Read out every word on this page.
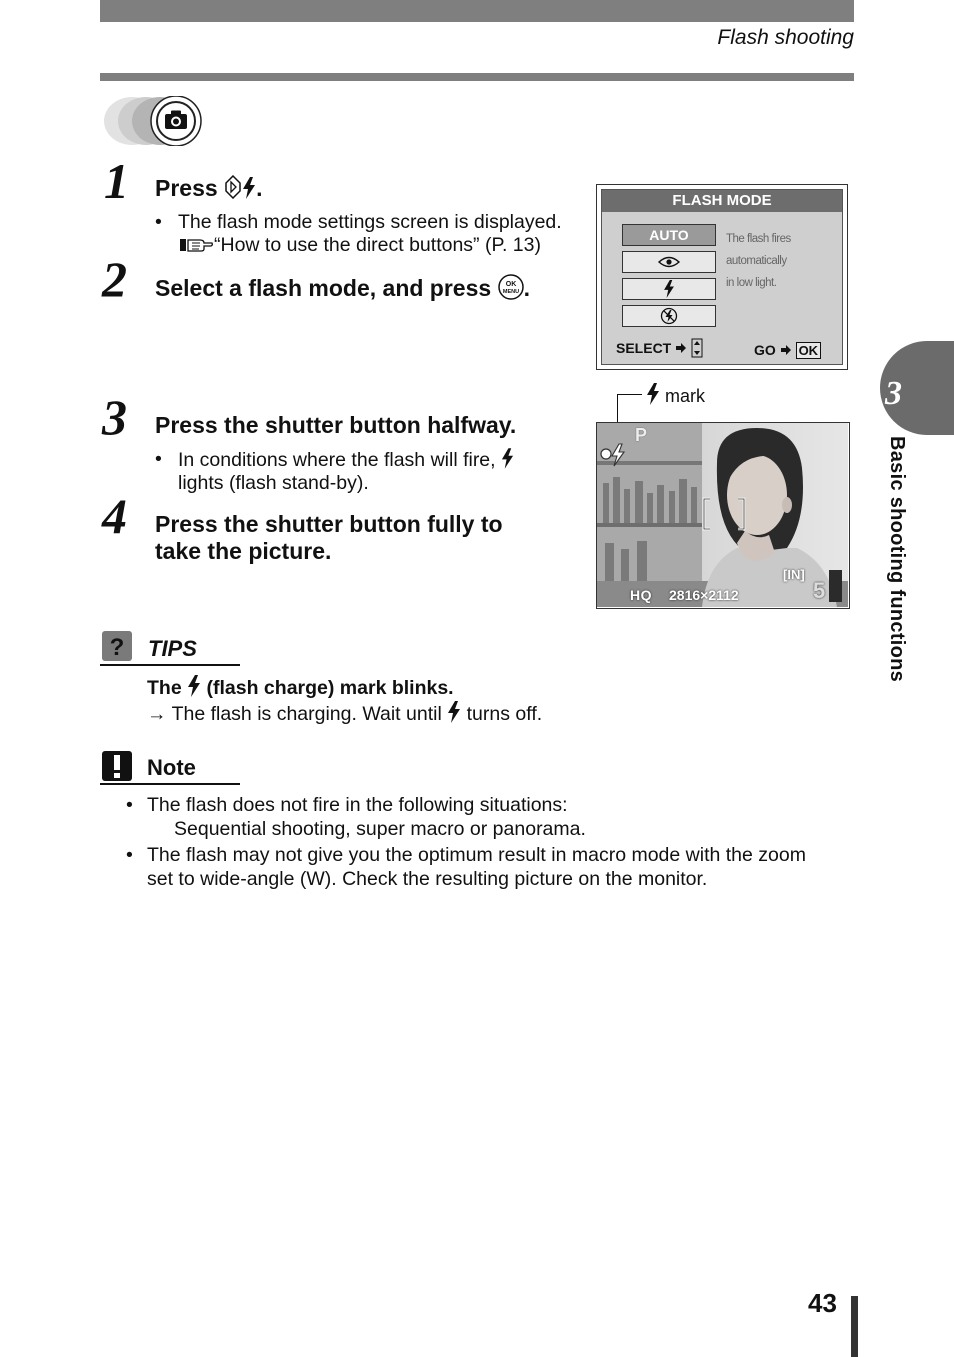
Flash shooting
1 Press .
• The flash mode settings screen is displayed.
“How to use the direct buttons” (P. 13)
2 Select a flash mode, and press OK
MENU .
FLASH MODE
AUTO	The flash fires automatically
in low light.
SELECT	GO OK
mark
3 Press the shutter button halfway.
• In conditions where the flash will fire,
lights (flash stand-by).
4 Press the shutter button fully to
take the picture.
P
[IN]
5
HQ 2816×2112
3
Basic shooting functions
? TIPS
The  (flash charge) mark blinks.
→ The flash is charging. Wait until  turns off.
Note
• The flash does not fire in the following situations:
Sequential shooting, super macro or panorama.
• The flash may not give you the optimum result in macro mode with the zoom
set to wide-angle (W). Check the resulting picture on the monitor.
43
